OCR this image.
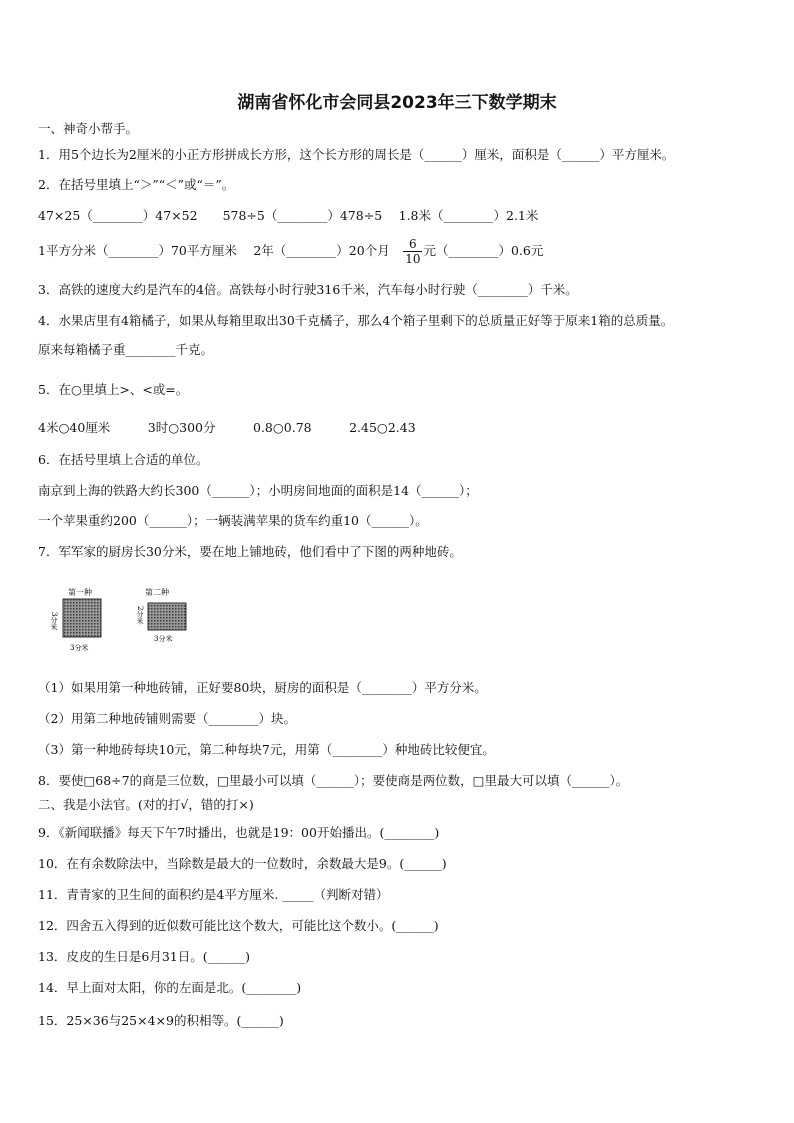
湖南省怀化市会同县2023年三下数学期末
一、神奇小帮手。
1．用5个边长为2厘米的小正方形拼成长方形，这个长方形的周长是（______）厘米，面积是（______）平方厘米。
2．在括号里填上“＞”“＜”或“＝”。
47×25（________）47×52　　578÷5（________）478÷5　 1.8米（________）2.1米
1平方分米（________）70平方厘米　 2年（________）20个月　 $\frac{6}{10}$ 元（________）0.6元
3．高铁的速度大约是汽车的4倍。高铁每小时行驶316千米，汽车每小时行驶（________）千米。
4．水果店里有4箱橘子，如果从每箱里取出30千克橘子，那么4个箱子里剩下的总质量正好等于原来1箱的总质量。
原来每箱橘子重________千克。
5．在○里填上>、<或=。
4米○40厘米　　　3时○300分　　　0.8○0.78　　　2.45○2.43
6．在括号里填上合适的单位。
南京到上海的铁路大约长300（______）；小明房间地面的面积是14（______）；
一个苹果重约200（______）；一辆装满苹果的货车约重10（______）。
7．军军家的厨房长30分米，要在地上铺地砖，他们看中了下图的两种地砖。
第一种
3分米
3分米
第二种
2分米
3分米
（1）如果用第一种地砖铺，正好要80块，厨房的面积是（________）平方分米。
（2）用第二种地砖铺则需要（________）块。
（3）第一种地砖每块10元，第二种每块7元，用第（________）种地砖比较便宜。
8．要使□68÷7的商是三位数，□里最小可以填（______）；要使商是两位数，□里最大可以填（______）。
二、我是小法官。(对的打√，错的打×)
9．《新闻联播》每天下午7时播出，也就是19：00开始播出。(________)
10．在有余数除法中，当除数是最大的一位数时，余数最大是9。(______)
11．青青家的卫生间的面积约是4平方厘米. _____（判断对错）
12．四舍五入得到的近似数可能比这个数大，可能比这个数小。(______)
13．皮皮的生日是6月31日。(______)
14．早上面对太阳，你的左面是北。(________)
15．25×36与25×4×9的积相等。(______)
